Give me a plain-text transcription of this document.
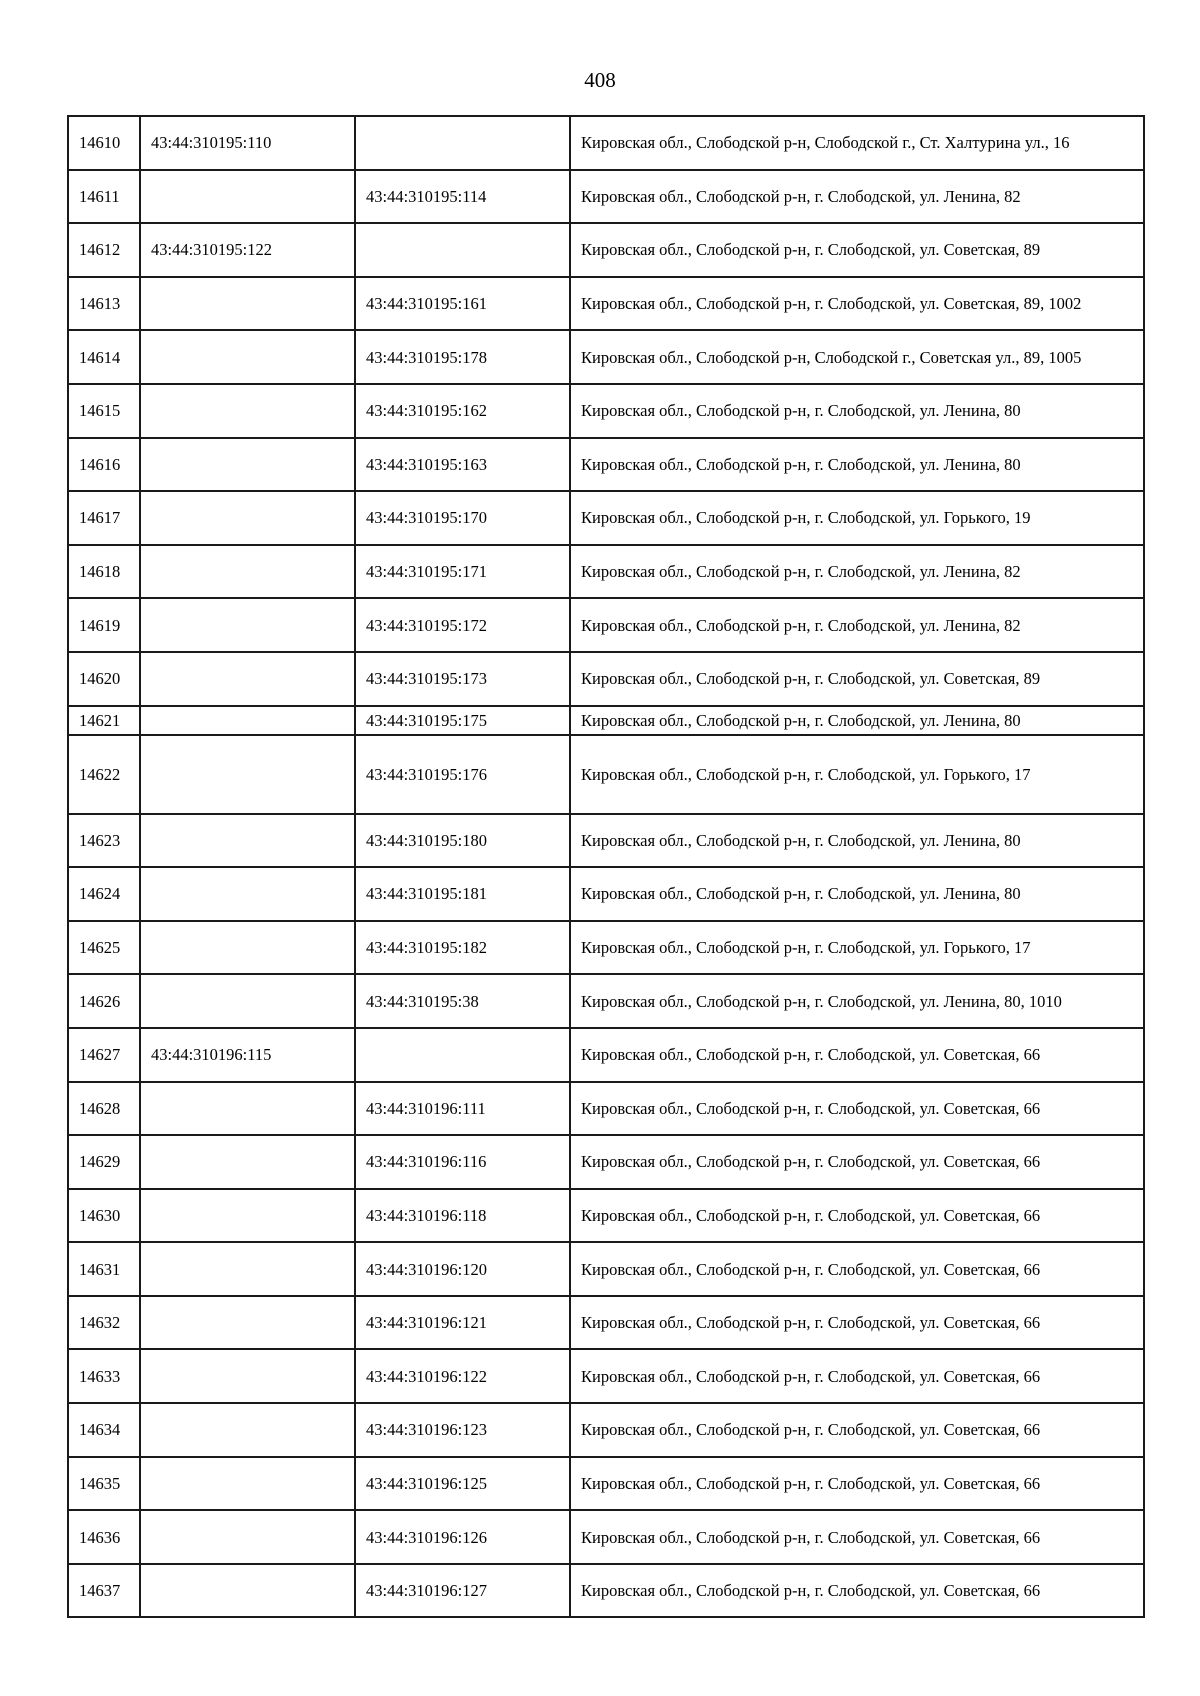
408
14610	43:44:310195:110		Кировская обл., Слободской р-н, Слободской г., Ст. Халтурина ул., 16
14611		43:44:310195:114	Кировская обл., Слободской р-н, г. Слободской, ул. Ленина, 82
14612	43:44:310195:122		Кировская обл., Слободской р-н, г. Слободской, ул. Советская, 89
14613		43:44:310195:161	Кировская обл., Слободской р-н, г. Слободской, ул. Советская, 89, 1002
14614		43:44:310195:178	Кировская обл., Слободской р-н, Слободской г., Советская ул., 89, 1005
14615		43:44:310195:162	Кировская обл., Слободской р-н, г. Слободской, ул. Ленина, 80
14616		43:44:310195:163	Кировская обл., Слободской р-н, г. Слободской, ул. Ленина, 80
14617		43:44:310195:170	Кировская обл., Слободской р-н, г. Слободской, ул. Горького, 19
14618		43:44:310195:171	Кировская обл., Слободской р-н, г. Слободской, ул. Ленина, 82
14619		43:44:310195:172	Кировская обл., Слободской р-н, г. Слободской, ул. Ленина, 82
14620		43:44:310195:173	Кировская обл., Слободской р-н, г. Слободской, ул. Советская, 89
14621		43:44:310195:175	Кировская обл., Слободской р-н, г. Слободской, ул. Ленина, 80
14622		43:44:310195:176	Кировская обл., Слободской р-н, г. Слободской, ул. Горького, 17
14623		43:44:310195:180	Кировская обл., Слободской р-н, г. Слободской, ул. Ленина, 80
14624		43:44:310195:181	Кировская обл., Слободской р-н, г. Слободской, ул. Ленина, 80
14625		43:44:310195:182	Кировская обл., Слободской р-н, г. Слободской, ул. Горького, 17
14626		43:44:310195:38	Кировская обл., Слободской р-н, г. Слободской, ул. Ленина, 80, 1010
14627	43:44:310196:115		Кировская обл., Слободской р-н, г. Слободской, ул. Советская, 66
14628		43:44:310196:111	Кировская обл., Слободской р-н, г. Слободской, ул. Советская, 66
14629		43:44:310196:116	Кировская обл., Слободской р-н, г. Слободской, ул. Советская, 66
14630		43:44:310196:118	Кировская обл., Слободской р-н, г. Слободской, ул. Советская, 66
14631		43:44:310196:120	Кировская обл., Слободской р-н, г. Слободской, ул. Советская, 66
14632		43:44:310196:121	Кировская обл., Слободской р-н, г. Слободской, ул. Советская, 66
14633		43:44:310196:122	Кировская обл., Слободской р-н, г. Слободской, ул. Советская, 66
14634		43:44:310196:123	Кировская обл., Слободской р-н, г. Слободской, ул. Советская, 66
14635		43:44:310196:125	Кировская обл., Слободской р-н, г. Слободской, ул. Советская, 66
14636		43:44:310196:126	Кировская обл., Слободской р-н, г. Слободской, ул. Советская, 66
14637		43:44:310196:127	Кировская обл., Слободской р-н, г. Слободской, ул. Советская, 66
